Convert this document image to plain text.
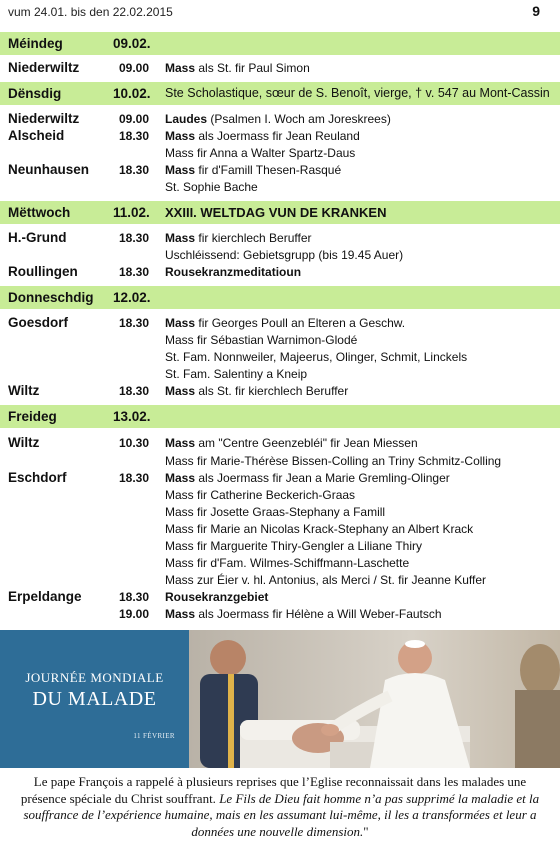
vum 24.01. bis den 22.02.2015	9
Méindeg	09.02.
Niederwiltz	09.00 Mass als St. fir Paul Simon
Dënsdig	10.02. Ste Scholastique, sœur de S. Benoît, vierge, † v. 547 au Mont-Cassin
Niederwiltz	09.00 Laudes (Psalmen I. Woch am Joreskrees)
Alscheid	18.30 Mass als Joermass fir Jean Reuland
Mass fir Anna a Walter Spartz-Daus
Neunhausen 18.30 Mass fir d'Famill Thesen-Rasqué
St. Sophie Bache
Mëttwoch	11.02. XXIII. WELTDAG VUN DE KRANKEN
H.-Grund	18.30 Mass fir kierchlech Beruffer
Uschléissend: Gebietsgrupp (bis 19.45 Auer)
Roullingen	18.30 Rousekranzmeditatioun
Donneschdig 12.02.
Goesdorf	18.30 Mass fir Georges Poull an Elteren a Geschw.
Mass fir Sébastian Warnimon-Glodé
St. Fam. Nonnweiler, Majeerus, Olinger, Schmit, Linckels
St. Fam. Salentiny a Kneip
Wiltz	18.30 Mass als St. fir kierchlech Beruffer
Freideg	13.02.
Wiltz	10.30 Mass am "Centre Geenzebléi" fir Jean Miessen
Mass fir Marie-Thérèse Bissen-Colling an Triny Schmitz-Colling
Eschdorf	18.30 Mass als Joermass fir Jean a Marie Gremling-Olinger
Mass fir Catherine Beckerich-Graas
Mass fir Josette Graas-Stephany a Famill
Mass fir Marie an Nicolas Krack-Stephany an Albert Krack
Mass fir Marguerite Thiry-Gengler a Liliane Thiry
Mass fir d'Fam. Wilmes-Schiffmann-Laschette
Mass zur Éier v. hl. Antonius, als Merci / St. fir Jeanne Kuffer
Erpeldange	18.30 Rousekranzgebiet
19.00 Mass als Joermass fir Hélène a Will Weber-Fautsch
JOURNÉE MONDIALE
DU MALADE
11 FÉVRIER
Le pape François a rappelé à plusieurs reprises que l’Eglise reconnaissait dans les malades une présence spéciale du Christ souffrant. Le Fils de Dieu fait homme n’a pas supprimé la maladie et la souffrance de l’expérience humaine, mais en les assumant lui-même, il les a transformées et leur a données une nouvelle dimension."
